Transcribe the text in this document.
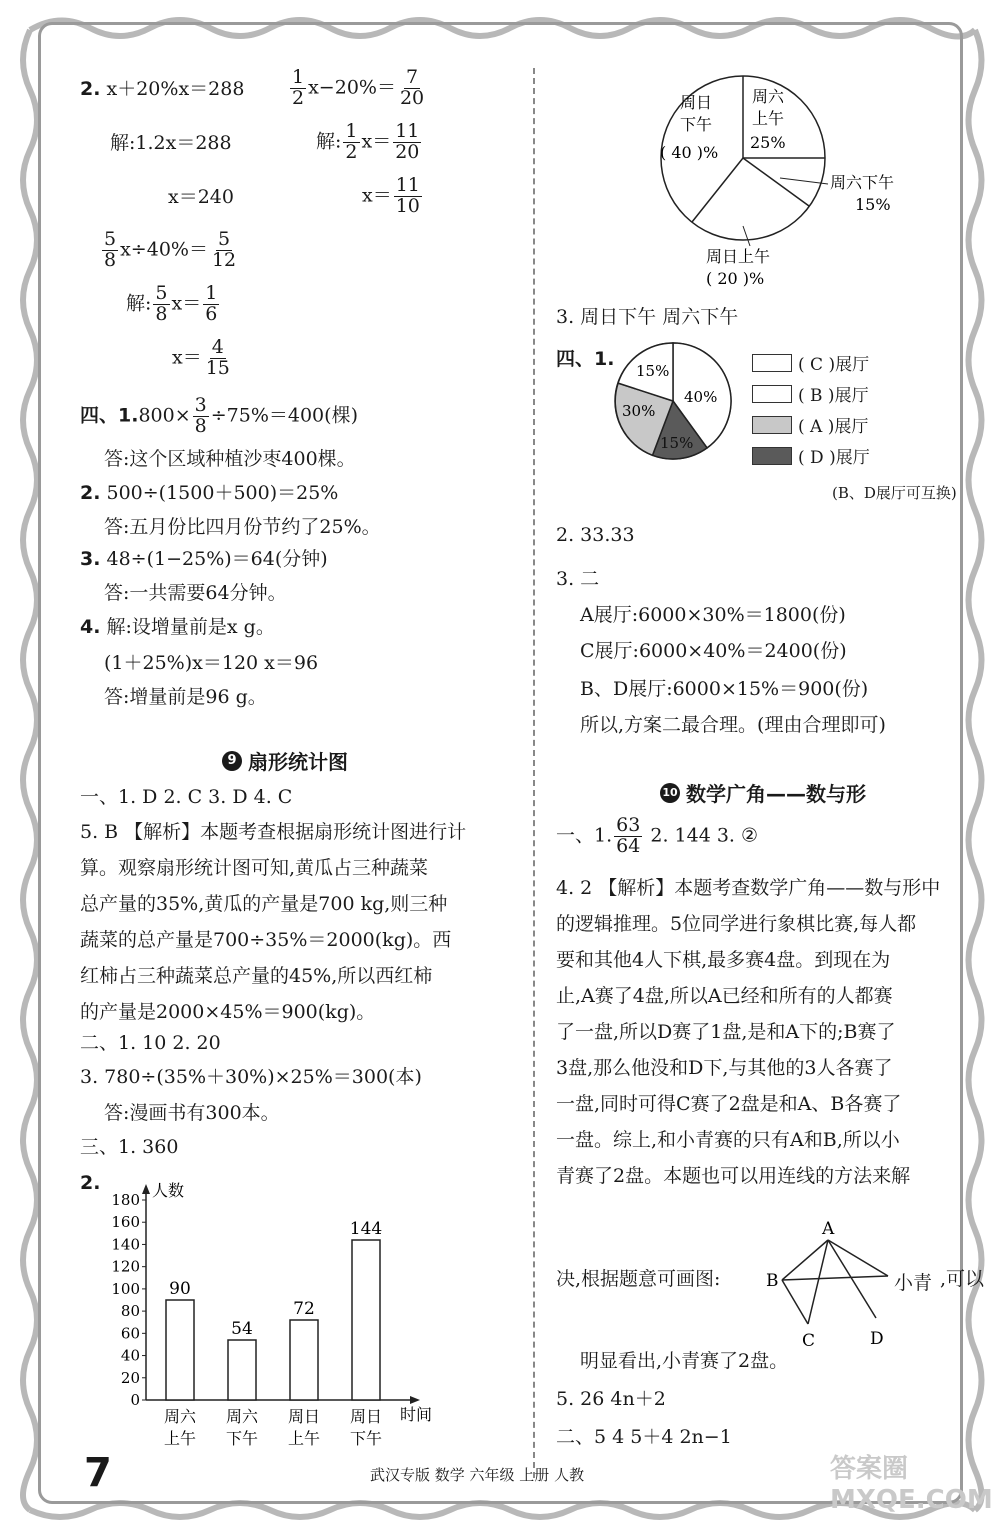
2. x＋20%x＝288
解:1.2x＝288
x＝240
$\frac{1}{2} x-20\%= \frac{7}{20}$
解: $\frac{1}{2} x= \frac{11}{20}$
$x= \frac{11}{10}$
$\frac{5}{8} x\div 40\%= \frac{5}{12}$
解: $\frac{5}{8} x= \frac{1}{6}$
$x= \frac{4}{15}$
四、$1.800\times \frac{3}{8} \div 75\%=400$(棵)
答:这个区域种植沙枣400棵。
2. 500÷(1500＋500)＝25%
答:五月份比四月份节约了25%。
3. 48÷(1−25%)＝64(分钟)
答:一共需要64分钟。
4. 解:设增量前是x g。
(1＋25%)x＝120 x＝96
答:增量前是96 g。
9 扇形统计图
一、1. D 2. C 3. D 4. C
5. B 【解析】本题考查根据扇形统计图进行计
算。观察扇形统计图可知,黄瓜占三种蔬菜
总产量的35%,黄瓜的产量是700 kg,则三种
蔬菜的总产量是700÷35%＝2000(kg)。西
红柿占三种蔬菜总产量的45%,所以西红柿
的产量是2000×45%＝900(kg)。
二、1. 10 2. 20
3. 780÷(35%＋30%)×25%＝300(本)
答:漫画书有300本。
三、1. 360
2.
0
20
40
60
80
100
120
140
160
180 人数
时间
90
周六
上午
54
周六
下午
72
周日
上午
144
周日
下午
周日
下午
( 40 )%
周六
上午
25%
周六下午
15%
周日上午
( 20 )%
3. 周日下午 周六下午
四、1.
15%
40%
30%
15%
( C )展厅
( B )展厅
( A )展厅
( D )展厅
(B、D展厅可互换)
2. 33.33
3. 二
A展厅:6000×30%＝1800(份)
C展厅:6000×40%＝2400(份)
B、D展厅:6000×15%＝900(份)
所以,方案二最合理。(理由合理即可)
10 数学广角——数与形
一、1. $\frac{63}{64} 2$. 144 3. ②
4. 2 【解析】本题考查数学广角——数与形中
的逻辑推理。5位同学进行象棋比赛,每人都
要和其他4人下棋,最多赛4盘。到现在为
止,A赛了4盘,所以A已经和所有的人都赛
了一盘,所以D赛了1盘,是和A下的;B赛了
3盘,那么他没和D下,与其他的3人各赛了
一盘,同时可得C赛了2盘是和A、B各赛了
一盘。综上,和小青赛的只有A和B,所以小
青赛了2盘。本题也可以用连线的方法来解
决,根据题意可画图:
A
B
C	D
小青 ,可以
明显看出,小青赛了2盘。
5. 26 4n＋2
二、5 4 5＋4 2n−1
7	武汉专版 数学 六年级 上册 人教	答案圈 MXQE.COM
